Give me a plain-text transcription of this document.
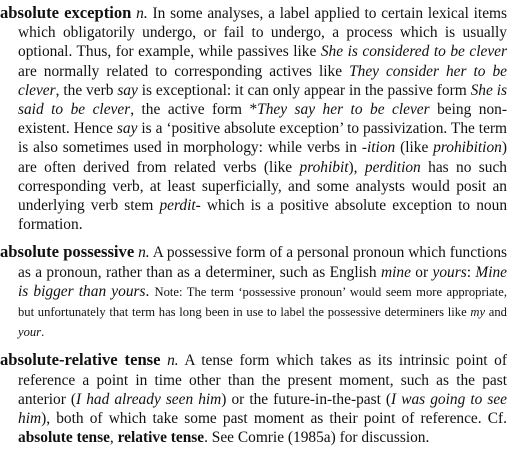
absolute exception n. In some analyses, a label applied to certain lexical items which obligatorily undergo, or fail to undergo, a process which is usually optional. Thus, for example, while passives like She is considered to be clever are normally related to corresponding actives like They consider her to be clever, the verb say is exceptional: it can only appear in the passive form She is said to be clever, the active form *They say her to be clever being non-existent. Hence say is a ‘positive absolute exception’ to passivization. The term is also sometimes used in morphology: while verbs in -ition (like prohibition) are often derived from related verbs (like prohibit), perdition has no such corresponding verb, at least superficially, and some analysts would posit an underlying verb stem perdit- which is a positive absolute exception to noun formation.

absolute possessive n. A possessive form of a personal pronoun which functions as a pronoun, rather than as a determiner, such as English mine or yours: Mine is bigger than yours. Note: The term ‘possessive pronoun’ would seem more appropriate, but unfortunately that term has long been in use to label the possessive determiners like my and your.

absolute-relative tense n. A tense form which takes as its intrinsic point of reference a point in time other than the present moment, such as the past anterior (I had already seen him) or the future-in-the-past (I was going to see him), both of which take some past moment as their point of reference. Cf. absolute tense, relative tense. See Comrie (1985a) for discussion.
